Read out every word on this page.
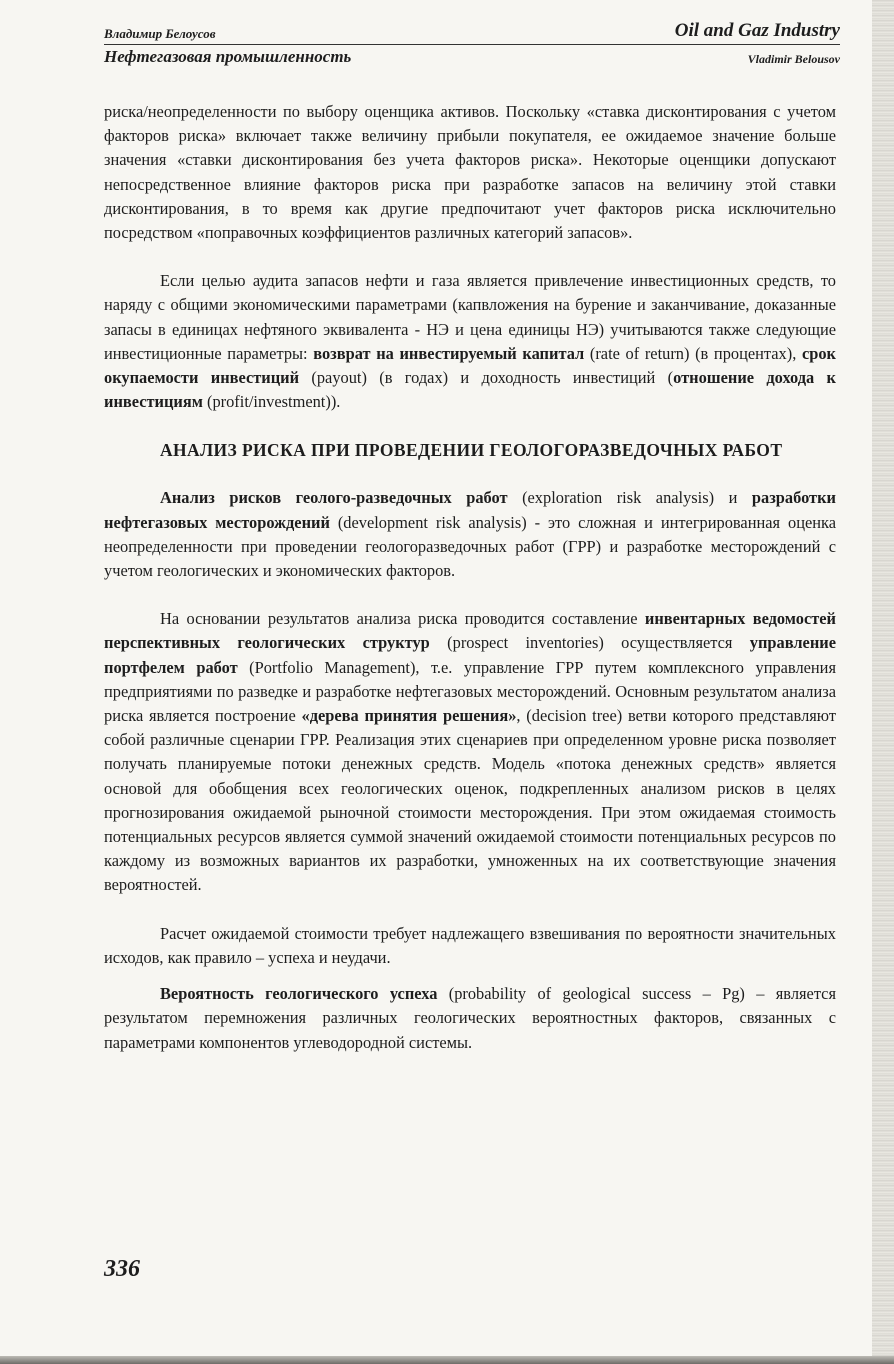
Владимир Белоусов	Oil and Gaz Industry
Нефтегазовая промышленность	Vladimir Belousov

риска/неопределенности по выбору оценщика активов. Поскольку «ставка дисконтирования с учетом факторов риска» включает также величину прибыли покупателя, ее ожидаемое значение больше значения «ставки дисконтирования без учета факторов риска». Некоторые оценщики допускают непосредственное влияние факторов риска при разработке запасов на величину этой ставки дисконтирования, в то время как другие предпочитают учет факторов риска исключительно посредством «поправочных коэффициентов различных категорий запасов».

Если целью аудита запасов нефти и газа является привлечение инвестиционных средств, то наряду с общими экономическими параметрами (капвложения на бурение и заканчивание, доказанные запасы в единицах нефтяного эквивалента - НЭ и цена единицы НЭ) учитываются также следующие инвестиционные параметры: возврат на инвестируемый капитал (rate of return) (в процентах), срок окупаемости инвестиций (payout) (в годах) и доходность инвестиций (отношение дохода к инвестициям (profit/investment)).

АНАЛИЗ РИСКА ПРИ ПРОВЕДЕНИИ ГЕОЛОГОРАЗВЕДОЧНЫХ РАБОТ

Анализ рисков геолого-разведочных работ (exploration risk analysis) и разработки нефтегазовых месторождений (development risk analysis) - это сложная и интегрированная оценка неопределенности при проведении геологоразведочных работ (ГРР) и разработке месторождений с учетом геологических и экономических факторов.

На основании результатов анализа риска проводится составление инвентарных ведомостей перспективных геологических структур (prospect inventories) осуществляется управление портфелем работ (Portfolio Management), т.е. управление ГРР путем комплексного управления предприятиями по разведке и разработке нефтегазовых месторождений. Основным результатом анализа риска является построение «дерева принятия решения», (decision tree) ветви которого представляют собой различные сценарии ГРР. Реализация этих сценариев при определенном уровне риска позволяет получать планируемые потоки денежных средств. Модель «потока денежных средств» является основой для обобщения всех геологических оценок, подкрепленных анализом рисков в целях прогнозирования ожидаемой рыночной стоимости месторождения. При этом ожидаемая стоимость потенциальных ресурсов является суммой значений ожидаемой стоимости потенциальных ресурсов по каждому из возможных вариантов их разработки, умноженных на их соответствующие значения вероятностей.

Расчет ожидаемой стоимости требует надлежащего взвешивания по вероятности значительных исходов, как правило – успеха и неудачи.

Вероятность геологического успеха (probability of geological success – Pg) – является результатом перемножения различных геологических вероятностных факторов, связанных с параметрами компонентов углеводородной системы.

336
